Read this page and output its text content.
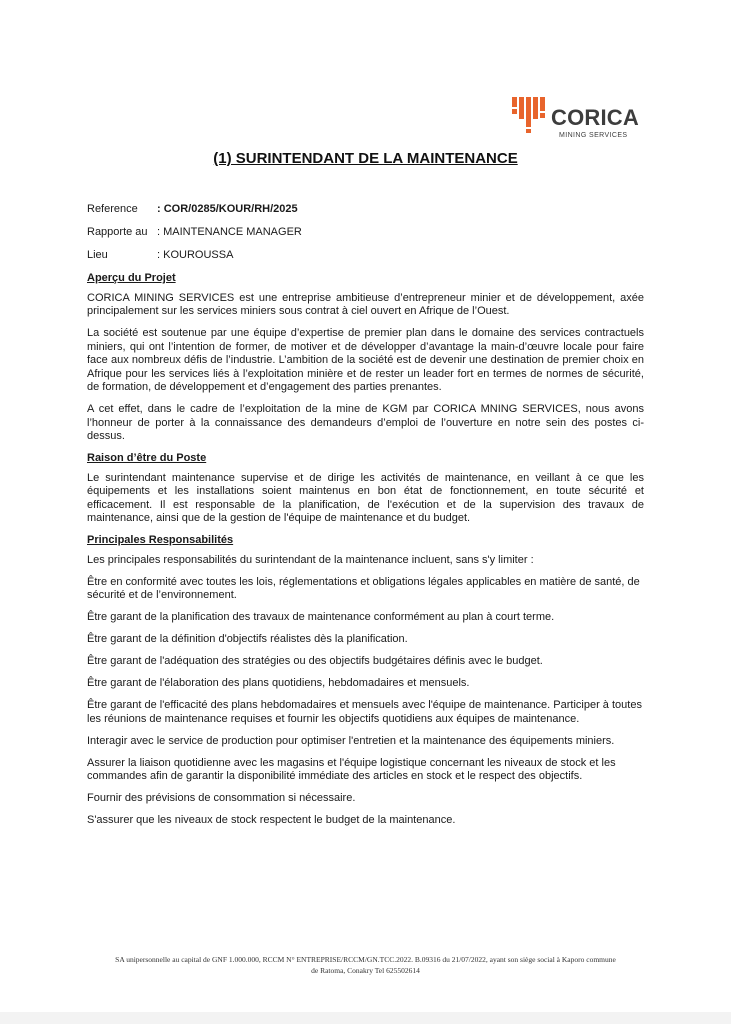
CORICA
MINING SERVICES
(1) SURINTENDANT DE LA MAINTENANCE
Reference : COR/0285/KOUR/RH/2025
Rapporte au : MAINTENANCE MANAGER
Lieu	: KOUROUSSA
Aperçu du Projet

CORICA MINING SERVICES est une entreprise ambitieuse d’entrepreneur minier et de développement, axée principalement sur les services miniers sous contrat à ciel ouvert en Afrique de l’Ouest.

La société est soutenue par une équipe d’expertise de premier plan dans le domaine des services contractuels miniers, qui ont l’intention de former, de motiver et de développer d’avantage la main-d’œuvre locale pour faire face aux nombreux défis de l’industrie. L’ambition de la société est de devenir une destination de premier choix en Afrique pour les services liés à l’exploitation minière et de rester un leader fort en termes de normes de sécurité, de formation, de développement et d’engagement des parties prenantes.

A cet effet, dans le cadre de l’exploitation de la mine de KGM par CORICA MNING SERVICES, nous avons l’honneur de porter à la connaissance des demandeurs d’emploi de l’ouverture en notre sein des postes ci-dessus.

Raison d’être du Poste

Le surintendant maintenance supervise et de dirige les activités de maintenance, en veillant à ce que les équipements et les installations soient maintenus en bon état de fonctionnement, en toute sécurité et efficacement. Il est responsable de la planification, de l'exécution et de la supervision des travaux de maintenance, ainsi que de la gestion de l'équipe de maintenance et du budget.

Principales Responsabilités

Les principales responsabilités du surintendant de la maintenance incluent, sans s'y limiter :

Être en conformité avec toutes les lois, réglementations et obligations légales applicables en matière de santé, de sécurité et de l’environnement.

Être garant de la planification des travaux de maintenance conformément au plan à court terme.

Être garant de la définition d'objectifs réalistes dès la planification.

Être garant de l'adéquation des stratégies ou des objectifs budgétaires définis avec le budget.

Être garant de l'élaboration des plans quotidiens, hebdomadaires et mensuels.

Être garant de l'efficacité des plans hebdomadaires et mensuels avec l'équipe de maintenance. Participer à toutes les réunions de maintenance requises et fournir les objectifs quotidiens aux équipes de maintenance.

Interagir avec le service de production pour optimiser l'entretien et la maintenance des équipements miniers.

Assurer la liaison quotidienne avec les magasins et l'équipe logistique concernant les niveaux de stock et les commandes afin de garantir la disponibilité immédiate des articles en stock et le respect des objectifs.

Fournir des prévisions de consommation si nécessaire.

S'assurer que les niveaux de stock respectent le budget de la maintenance.

SA unipersonnelle au capital de GNF 1.000.000, RCCM N° ENTREPRISE/RCCM/GN.TCC.2022. B.09316 du 21/07/2022, ayant son siège social à Kaporo commune
de Ratoma, Conakry Tel 625502614
